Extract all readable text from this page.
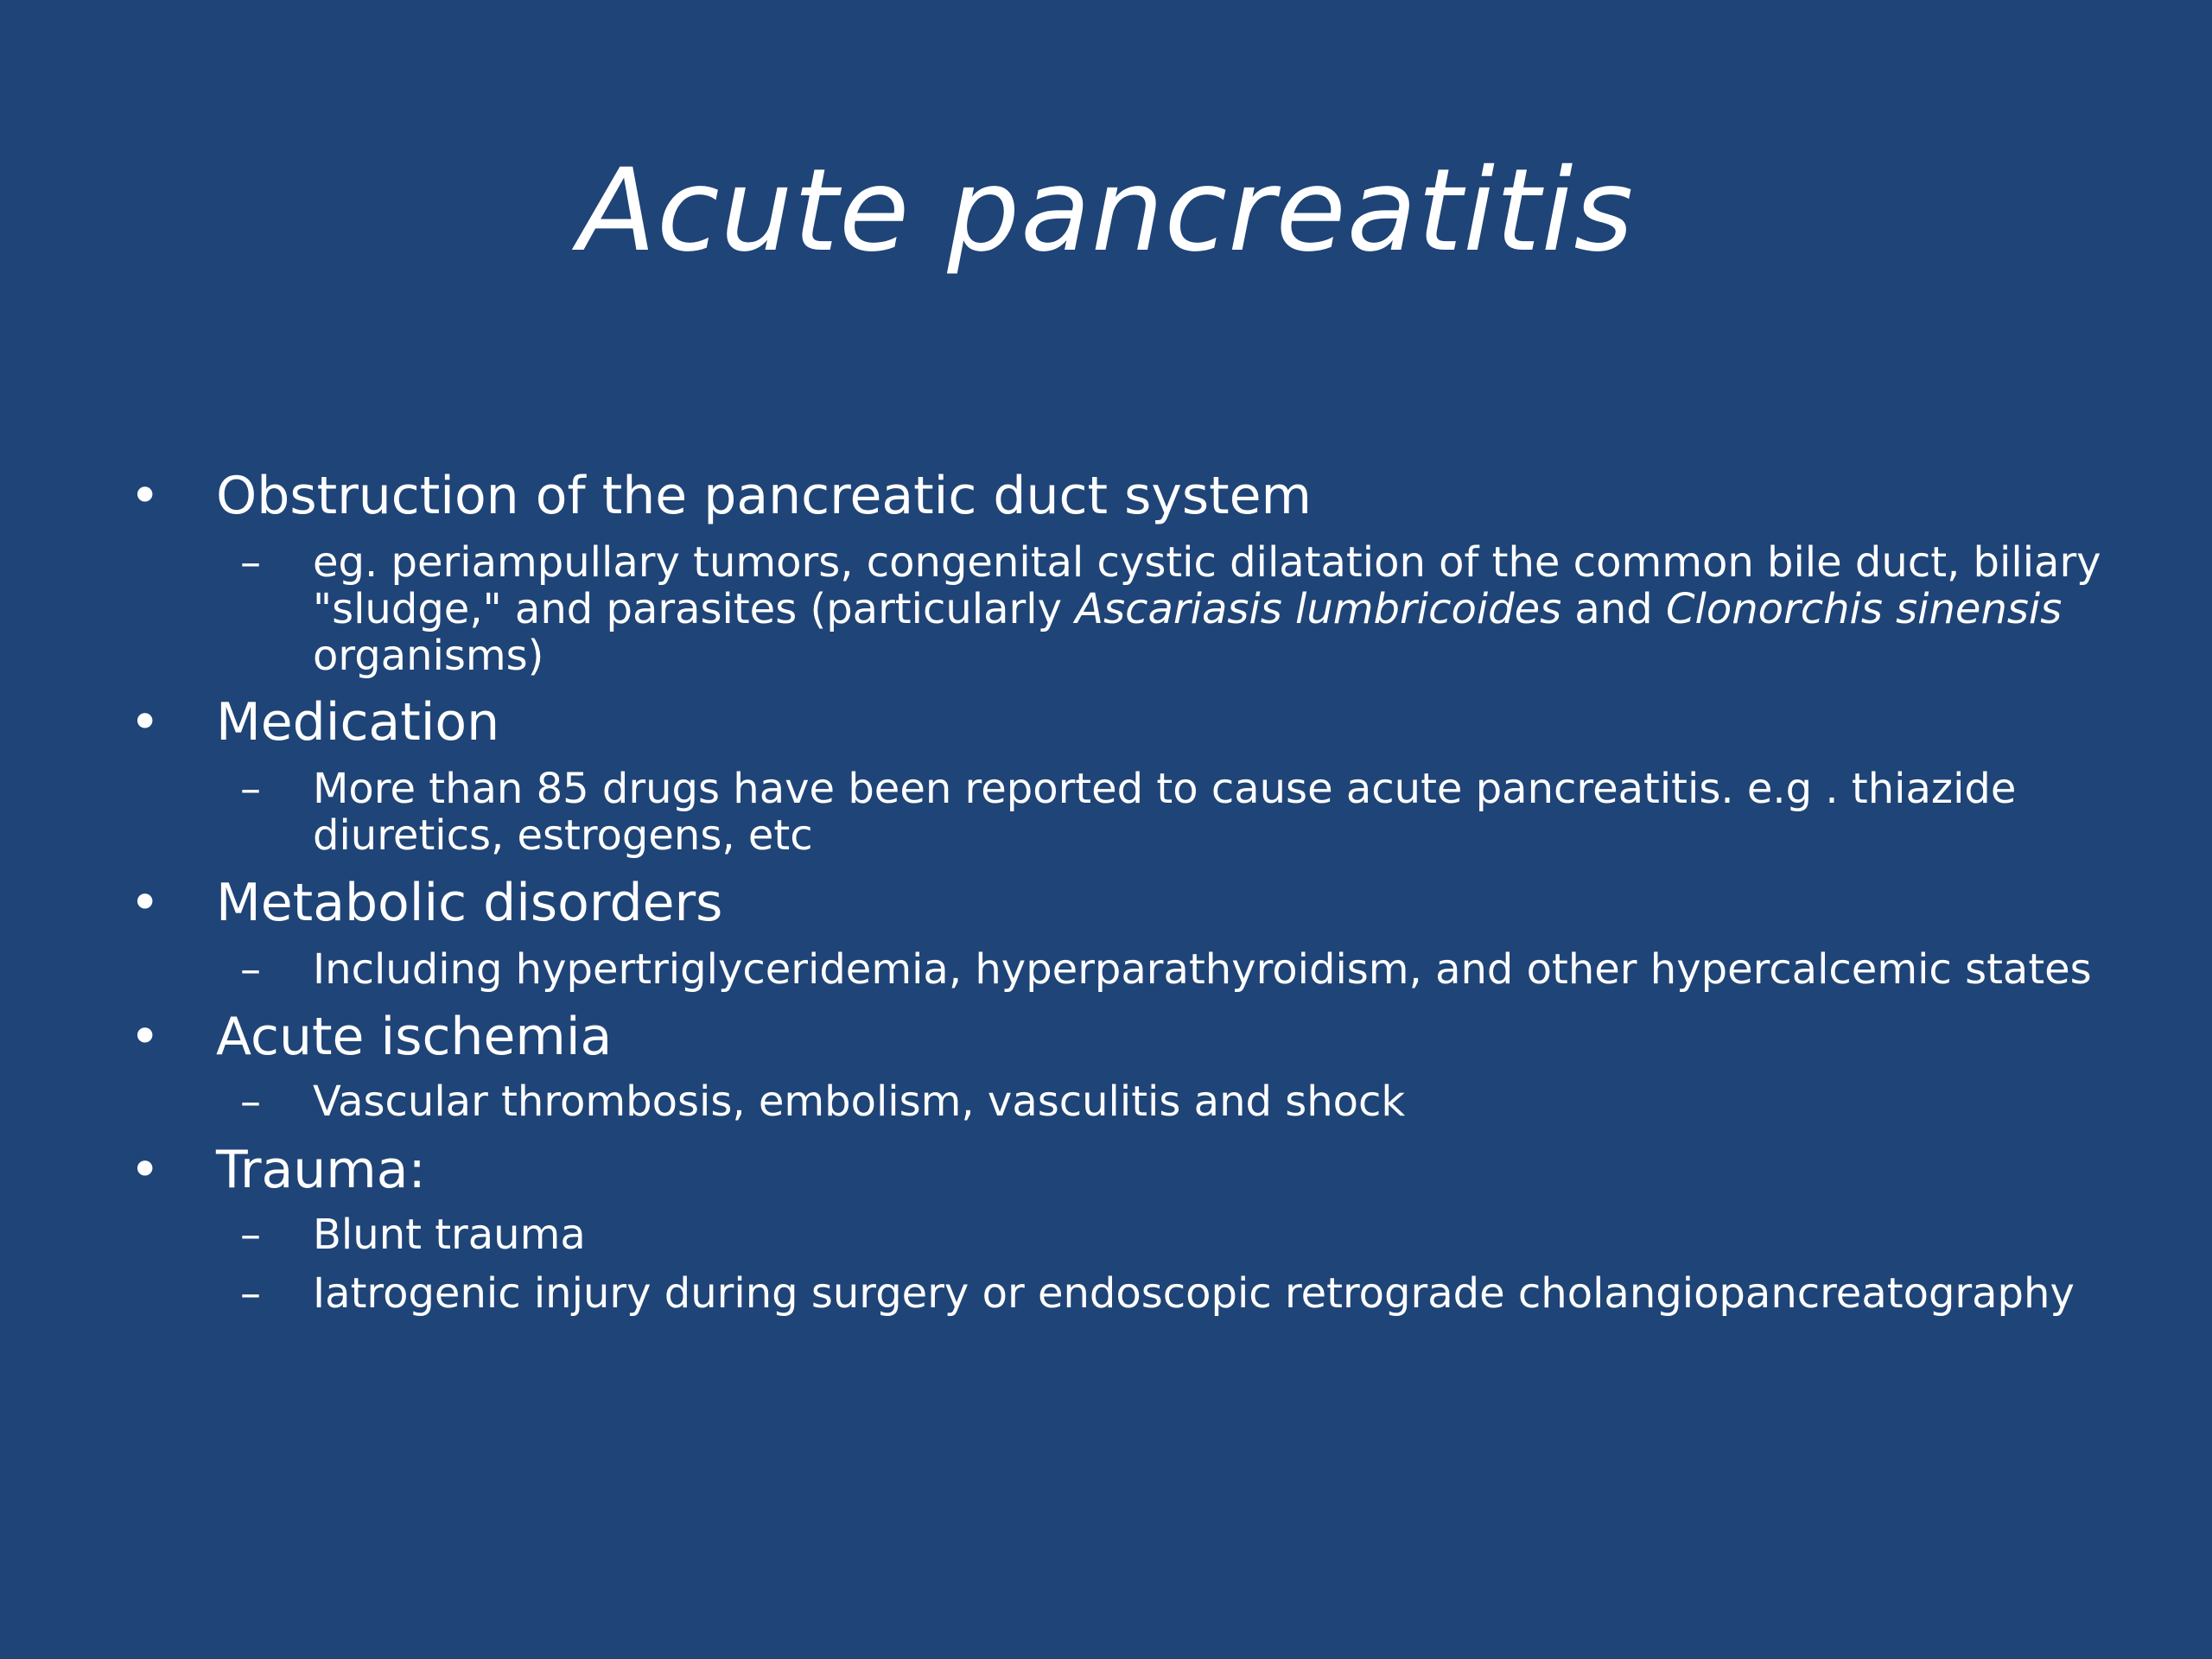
Acute pancreatitis
• Obstruction of the pancreatic duct system
– eg. periampullary tumors, congenital cystic dilatation of the common bile duct, biliary
"sludge," and parasites (particularly Ascariasis lumbricoides and Clonorchis sinensis
organisms)
• Medication
– More than 85 drugs have been reported to cause acute pancreatitis. e.g . thiazide
diuretics, estrogens, etc
• Metabolic disorders
– Including hypertriglyceridemia, hyperparathyroidism, and other hypercalcemic states
• Acute ischemia
– Vascular thrombosis, embolism, vasculitis and shock
• Trauma:
– Blunt trauma
– Iatrogenic injury during surgery or endoscopic retrograde cholangiopancreatography
